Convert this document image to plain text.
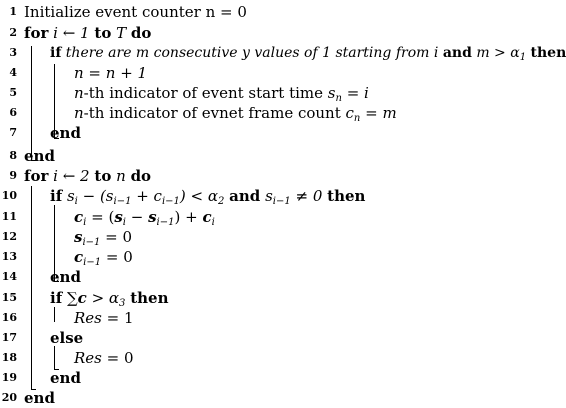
1 Initialize event counter n = 0
2 for i ← 1 to T do
3 if there are m consecutive y values of 1 starting from i and $m > \alpha_1$ then
4	n = n + 1
5	n-th indicator of event start time $s_n = i$
6	n-th indicator of evnet frame count $c_n = m$
7 end
8 end
9 for i ← 2 to n do
10 if $s_i - (s_{i-1} + c_{i-1}) < \alpha_2$ and $s_{i-1} \ne 0$ then
11	$c_i = (s_i - s_{i-1}) + c_i$
12	$s_{i-1} = 0$
13	$c_{i-1} = 0$
14 end
15 if $\sum c > \alpha_3$ then
16	Res = 1
17 else
18	Res = 0
19 end
20 end
